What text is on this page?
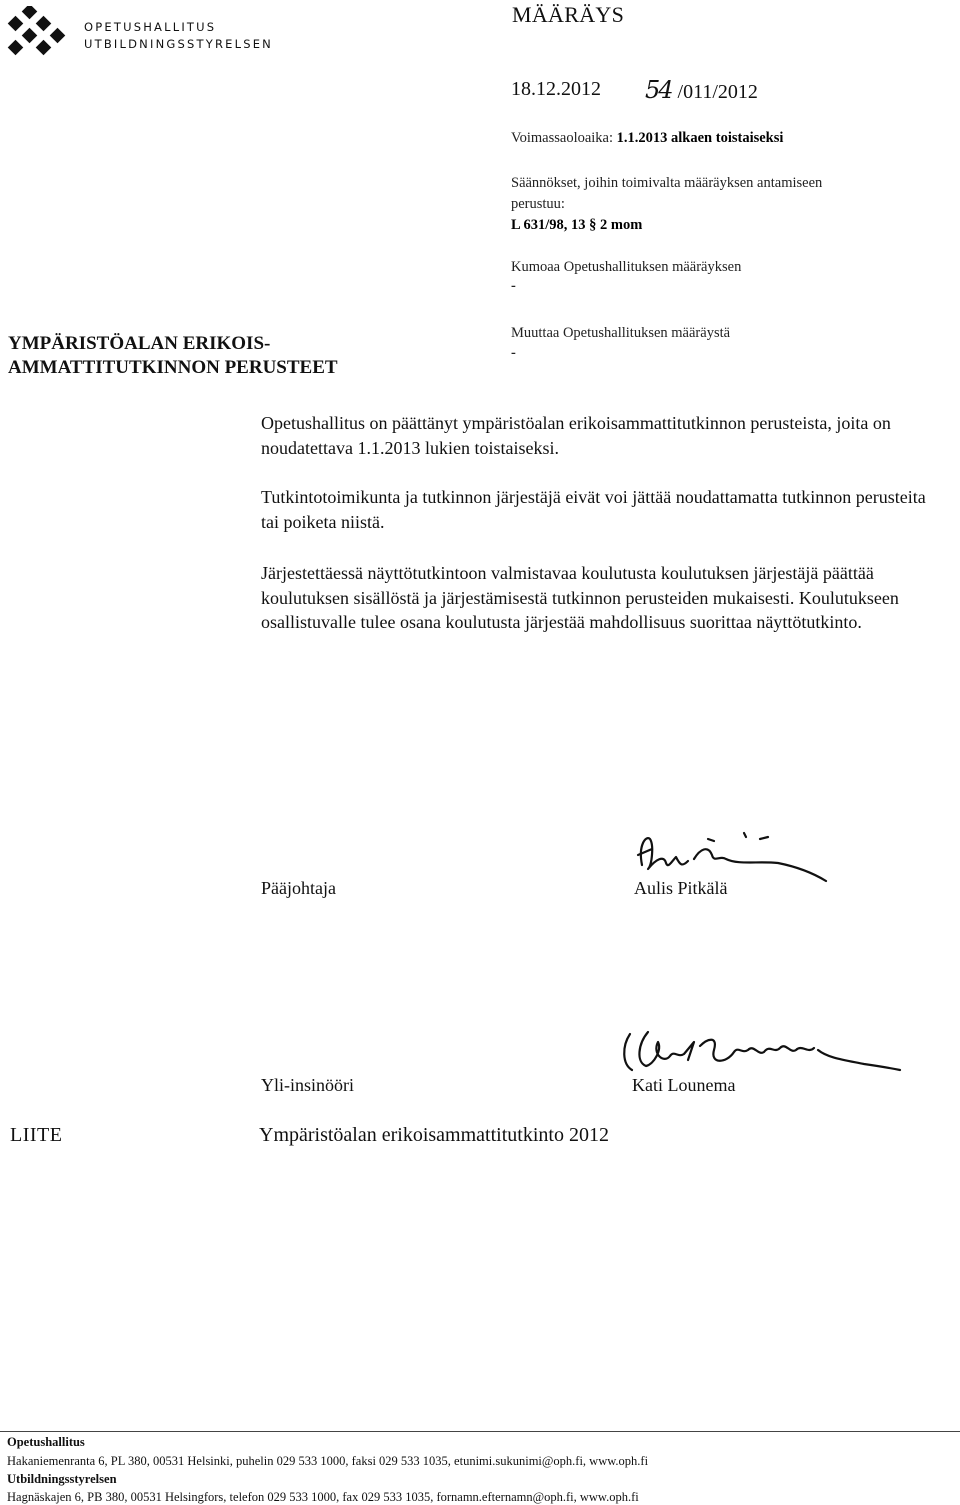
OPETUSHALLITUS
UTBILDNINGSSTYRELSEN
MÄÄRÄYS
18.12.2012 54 /011/2012
Voimassaoloaika: 1.1.2013 alkaen toistaiseksi
Säännökset, joihin toimivalta määräyksen antamiseen
perustuu:
L 631/98, 13 § 2 mom
Kumoaa Opetushallituksen määräyksen
-
Muuttaa Opetushallituksen määräystä
-
YMPÄRISTÖALAN ERIKOIS-
AMMATTITUTKINNON PERUSTEET
Opetushallitus on päättänyt ympäristöalan erikoisammattitutkinnon perusteista, joita on noudatettava 1.1.2013 lukien toistaiseksi.
Tutkintotoimikunta ja tutkinnon järjestäjä eivät voi jättää noudattamatta tutkinnon perusteita tai poiketa niistä.
Järjestettäessä näyttötutkintoon valmistavaa koulutusta koulutuksen järjestäjä päättää koulutuksen sisällöstä ja järjestämisestä tutkinnon perusteiden mukaisesti. Koulutukseen osallistuvalle tulee osana koulutusta järjestää mahdollisuus suorittaa näyttötutkinto.
Pääjohtaja	Aulis Pitkälä
Yli-insinööri	Kati Lounema
LIITE	Ympäristöalan erikoisammattitutkinto 2012
Opetushallitus
Hakaniemenranta 6, PL 380, 00531 Helsinki, puhelin 029 533 1000, faksi 029 533 1035, etunimi.sukunimi@oph.fi, www.oph.fi
Utbildningsstyrelsen
Hagnäskajen 6, PB 380, 00531 Helsingfors, telefon 029 533 1000, fax 029 533 1035, fornamn.efternamn@oph.fi, www.oph.fi
